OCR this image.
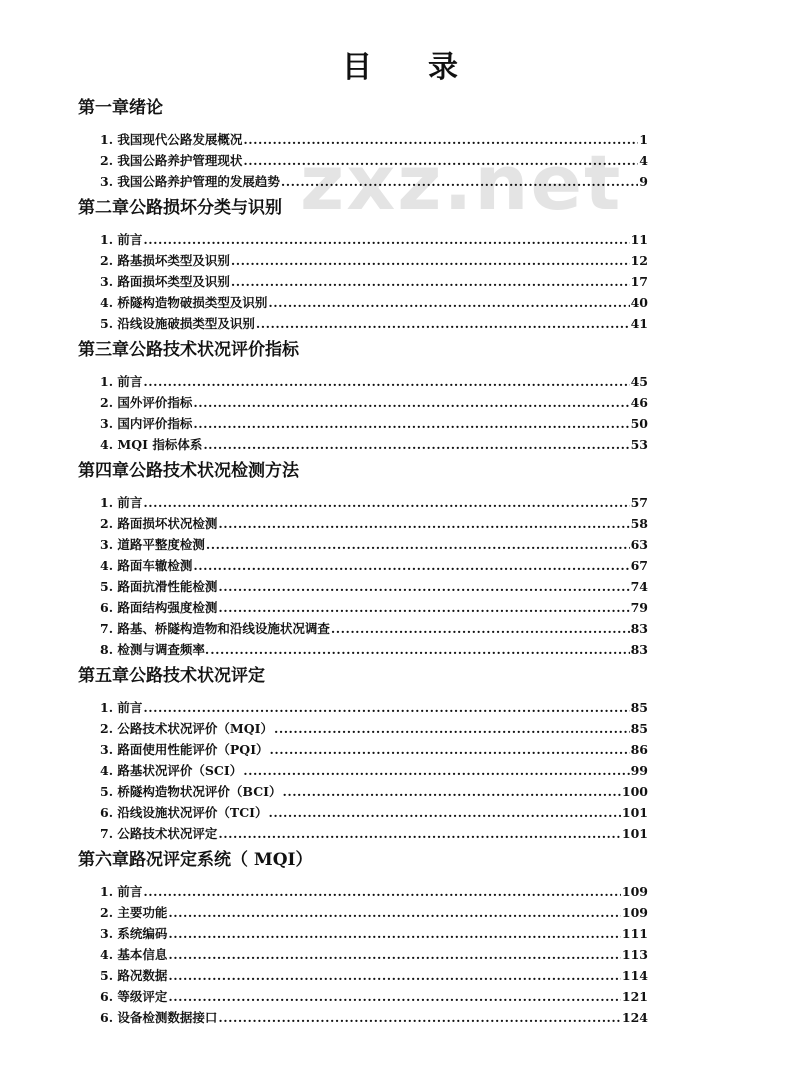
zxz.net
目 录
第一章绪论
1. 我国现代公路发展概况 .....	1
2. 我国公路养护管理现状 .....	4
3. 我国公路养护管理的发展趋势 .....	9
第二章公路损坏分类与识别
1. 前言 .....	11
2. 路基损坏类型及识别 .....	12
3. 路面损坏类型及识别 .....	17
4. 桥隧构造物破损类型及识别 .....	40
5. 沿线设施破损类型及识别 .....	41
第三章公路技术状况评价指标
1. 前言 .....	45
2. 国外评价指标 .....	46
3. 国内评价指标 .....	50
4. MQI 指标体系 .....	53
第四章公路技术状况检测方法
1. 前言 .....	57
2. 路面损坏状况检测 .....	58
3. 道路平整度检测 .....	63
4. 路面车辙检测 .....	67
5. 路面抗滑性能检测 .....	74
6. 路面结构强度检测 .....	79
7. 路基、桥隧构造物和沿线设施状况调查 .....	83
8. 检测与调查频率. .....	83
第五章公路技术状况评定
1. 前言 .....	85
2. 公路技术状况评价（MQI） .....	85
3. 路面使用性能评价（PQI） .....	86
4. 路基状况评价（SCI） .....	99
5. 桥隧构造物状况评价（BCI） .....	100
6. 沿线设施状况评价（TCI） .....	101
7. 公路技术状况评定 .....	101
第六章路况评定系统（ MQI）
1. 前言 .....	109
2. 主要功能 .....	109
3. 系统编码 .....	111
4. 基本信息 .....	113
5. 路况数据 .....	114
6. 等级评定 .....	121
6. 设备检测数据接口 .....	124
